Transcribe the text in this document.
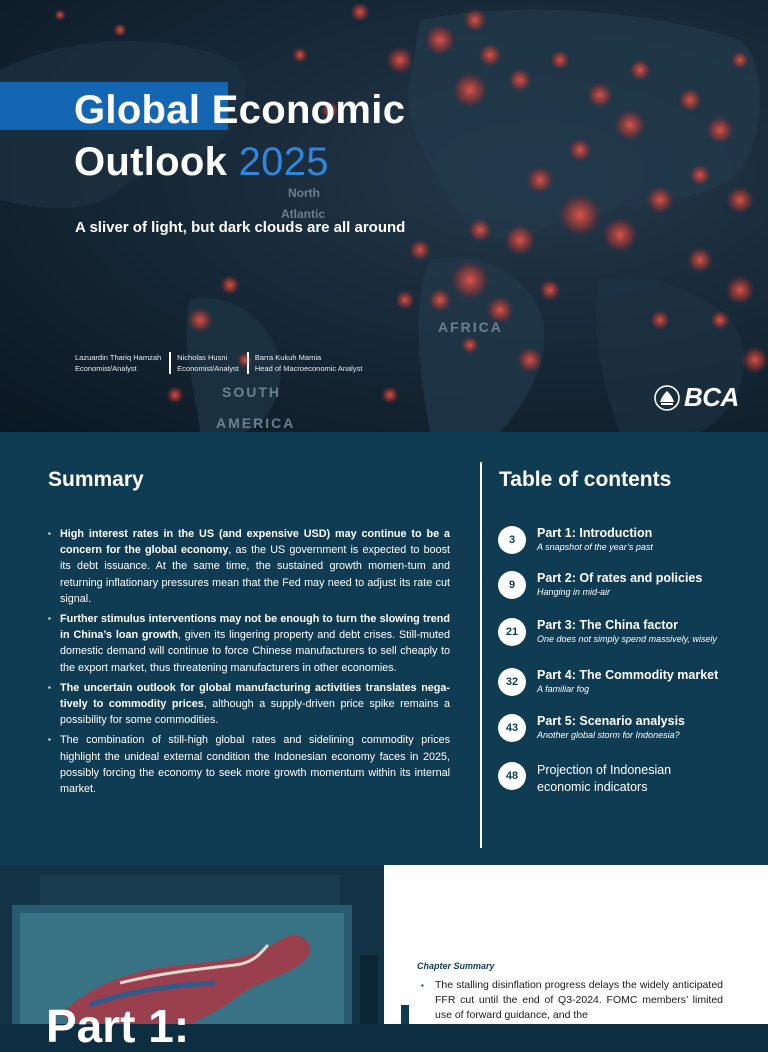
North
Atlantic
SOUTH
AMERICA
AFRICA
Global Economic
Outlook 2025
A sliver of light, but dark clouds are all around
Lazuardin Thariq Hamzah
Economist/Analyst
Nicholas Husni
Economist/Analyst
Barra Kukuh Mamia
Head of Macroeconomic Analyst
BCA
Summary
▪ High interest rates in the US (and expensive USD) may continue to be a concern for the global economy, as the US government is expected to boost its debt issuance. At the same time, the sustained growth momen-tum and returning inflationary pressures mean that the Fed may need to adjust its rate cut signal.
▪ Further stimulus interventions may not be enough to turn the slowing trend in China’s loan growth, given its lingering property and debt crises. Still-muted domestic demand will continue to force Chinese manufacturers to sell cheaply to the export market, thus threatening manufacturers in other economies.
▪ The uncertain outlook for global manufacturing activities translates nega-tively to commodity prices, although a supply-driven price spike remains a possibility for some commodities.
▪ The combination of still-high global rates and sidelining commodity prices highlight the unideal external condition the Indonesian economy faces in 2025, possibly forcing the economy to seek more growth momentum within its internal market.
Table of contents
3	Part 1: Introduction
A snapshot of the year’s past
9	Part 2: Of rates and policies
Hanging in mid-air
21	Part 3: The China factor
One does not simply spend massively, wisely
32	Part 4: The Commodity market
A familiar fog
43	Part 5: Scenario analysis
Another global storm for Indonesia?
48	Projection of Indonesian
economic indicators
Part 1:
Chapter Summary
▪ The stalling disinflation progress delays the widely anticipated FFR cut until the end of Q3-2024. FOMC members’ limited use of forward guidance, and the
